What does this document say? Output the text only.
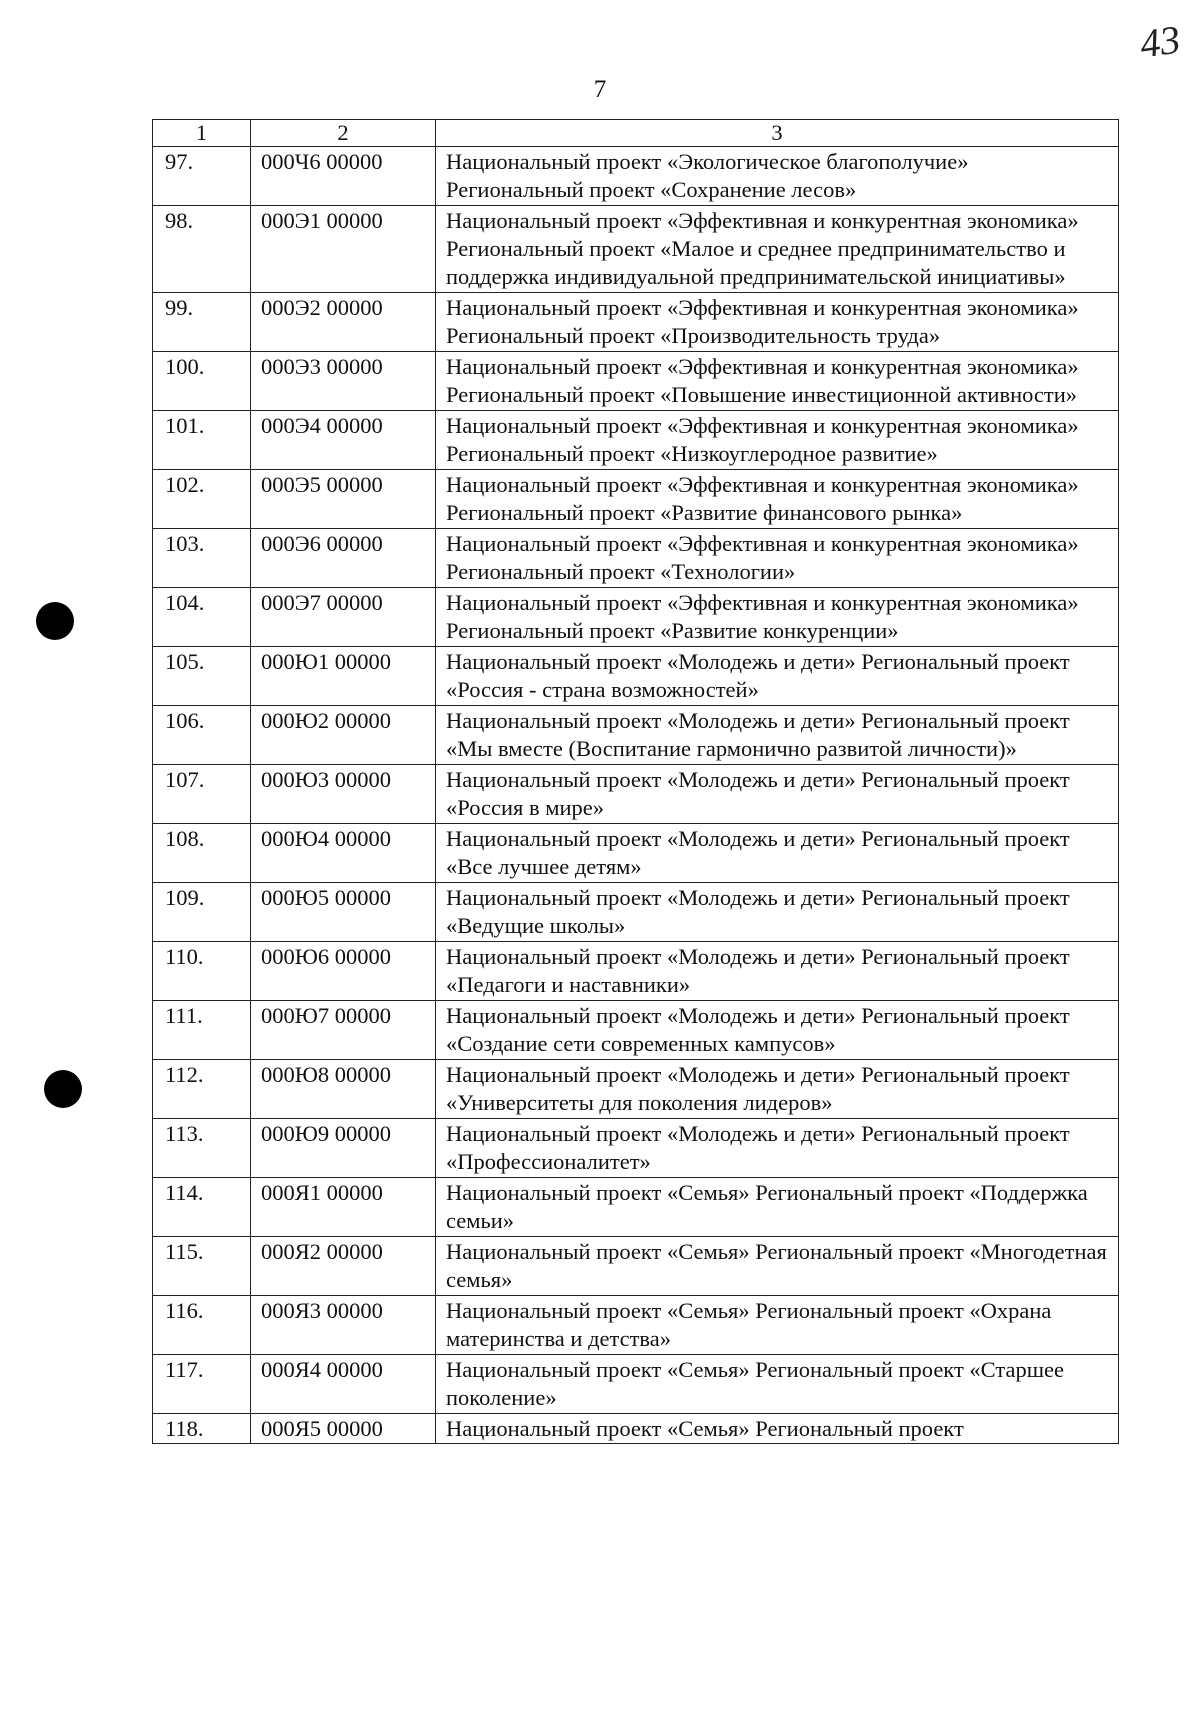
43
7
1	2	3
97.	000Ч6 00000	Национальный проект «Экологическое благополучие» Региональный проект «Сохранение лесов»
98.	000Э1 00000	Национальный проект «Эффективная и конкурентная экономика» Региональный проект «Малое и среднее предпринимательство и поддержка индивидуальной предпринимательской инициативы»
99.	000Э2 00000	Национальный проект «Эффективная и конкурентная экономика» Региональный проект «Производительность труда»
100.	000Э3 00000	Национальный проект «Эффективная и конкурентная экономика» Региональный проект «Повышение инвестиционной активности»
101.	000Э4 00000	Национальный проект «Эффективная и конкурентная экономика» Региональный проект «Низкоуглеродное развитие»
102.	000Э5 00000	Национальный проект «Эффективная и конкурентная экономика» Региональный проект «Развитие финансового рынка»
103.	000Э6 00000	Национальный проект «Эффективная и конкурентная экономика» Региональный проект «Технологии»
104.	000Э7 00000	Национальный проект «Эффективная и конкурентная экономика» Региональный проект «Развитие конкуренции»
105.	000Ю1 00000	Национальный проект «Молодежь и дети» Региональный проект «Россия - страна возможностей»
106.	000Ю2 00000	Национальный проект «Молодежь и дети» Региональный проект «Мы вместе (Воспитание гармонично развитой личности)»
107.	000Ю3 00000	Национальный проект «Молодежь и дети» Региональный проект «Россия в мире»
108.	000Ю4 00000	Национальный проект «Молодежь и дети» Региональный проект «Все лучшее детям»
109.	000Ю5 00000	Национальный проект «Молодежь и дети» Региональный проект «Ведущие школы»
110.	000Ю6 00000	Национальный проект «Молодежь и дети» Региональный проект «Педагоги и наставники»
111.	000Ю7 00000	Национальный проект «Молодежь и дети» Региональный проект «Создание сети современных кампусов»
112.	000Ю8 00000	Национальный проект «Молодежь и дети» Региональный проект «Университеты для поколения лидеров»
113.	000Ю9 00000	Национальный проект «Молодежь и дети» Региональный проект «Профессионалитет»
114.	000Я1 00000	Национальный проект «Семья» Региональный проект «Поддержка семьи»
115.	000Я2 00000	Национальный проект «Семья» Региональный проект «Многодетная семья»
116.	000Я3 00000	Национальный проект «Семья» Региональный проект «Охрана материнства и детства»
117.	000Я4 00000	Национальный проект «Семья» Региональный проект «Старшее поколение»
118.	000Я5 00000	Национальный проект «Семья» Региональный проект
